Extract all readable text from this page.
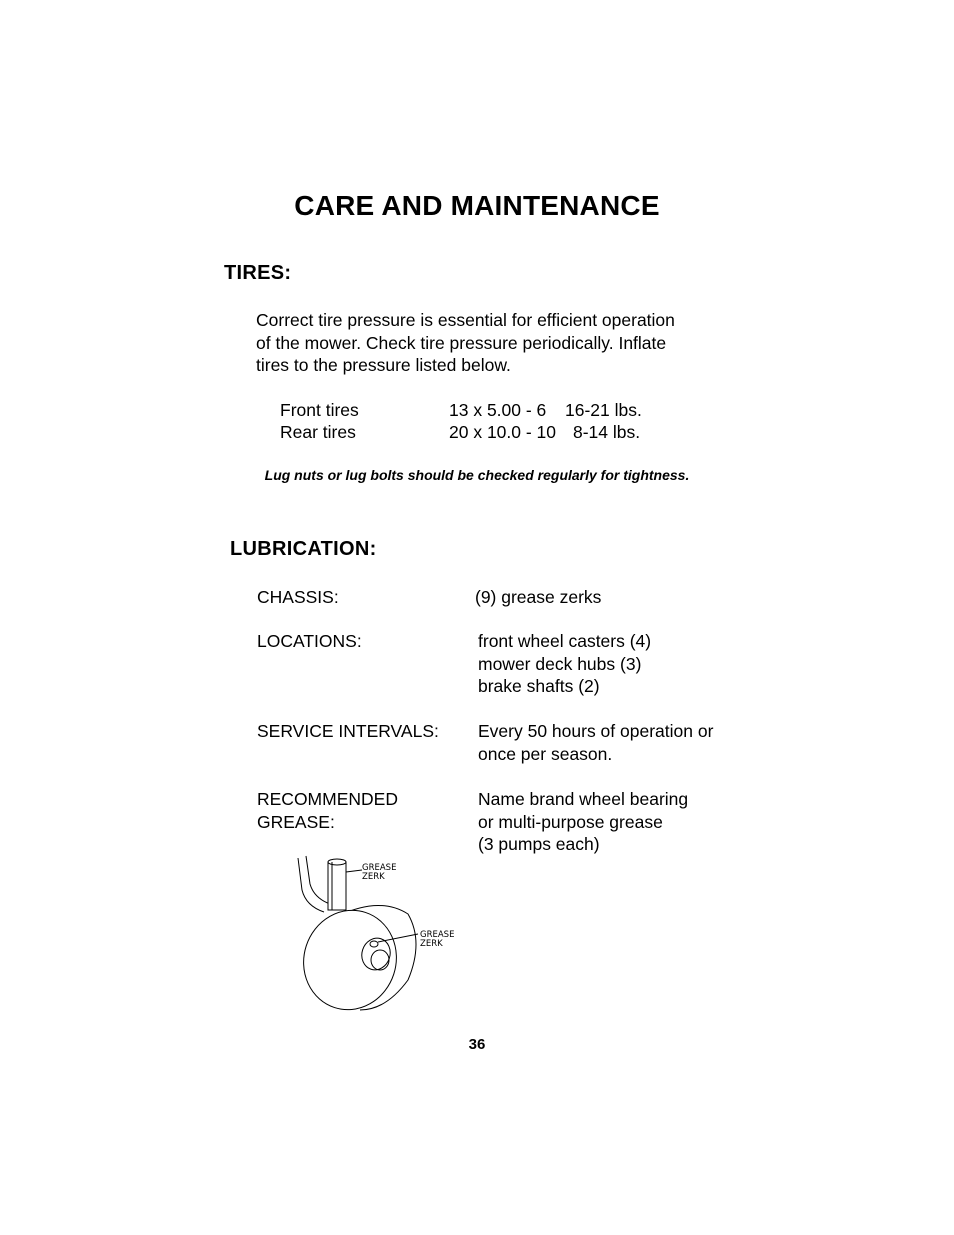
CARE AND MAINTENANCE
TIRES:
Correct tire pressure is essential for efficient operation
of the mower. Check tire pressure periodically. Inflate
tires to the pressure listed below.
Front tires	13 x 5.00 - 6 16-21 lbs.
Rear tires	20 x 10.0 - 10 8-14 lbs.
Lug nuts or lug bolts should be checked regularly for tightness.
LUBRICATION:
CHASSIS:	(9) grease zerks
LOCATIONS:	front wheel casters (4)
mower deck hubs (3)
brake shafts (2)
SERVICE INTERVALS: Every 50 hours of operation or
once per season.
RECOMMENDED
GREASE:
Name brand wheel bearing
or multi-purpose grease
(3 pumps each)
GREASE
ZERK
GREASE
ZERK
36
